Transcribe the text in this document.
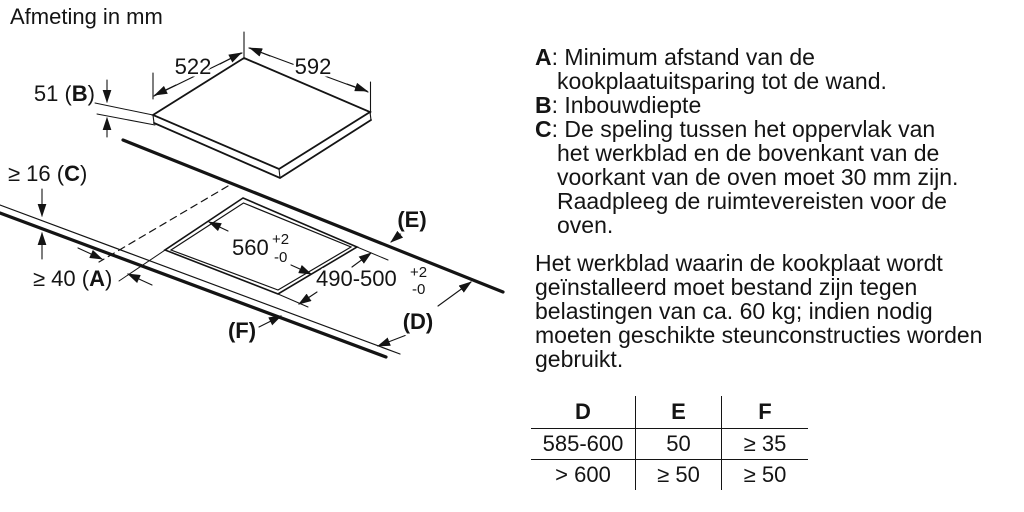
Afmeting in mm
522	592
51 (B)
≥ 16 (C)
≥ 40 (A)
560 +2
-0
490-500 +2
-0
(E)
(D)
(F)
A: Minimum afstand van de
kookplaatuitsparing tot de wand.
B: Inbouwdiepte
C: De speling tussen het oppervlak van
het werkblad en de bovenkant van de
voorkant van de oven moet 30 mm zijn.
Raadpleeg de ruimtevereisten voor de
oven.
Het werkblad waarin de kookplaat wordt
geïnstalleerd moet bestand zijn tegen
belastingen van ca. 60 kg; indien nodig
moeten geschikte steunconstructies worden
gebruikt.
D	E	F
585-600	50	≥ 35
> 600	≥ 50	≥ 50
